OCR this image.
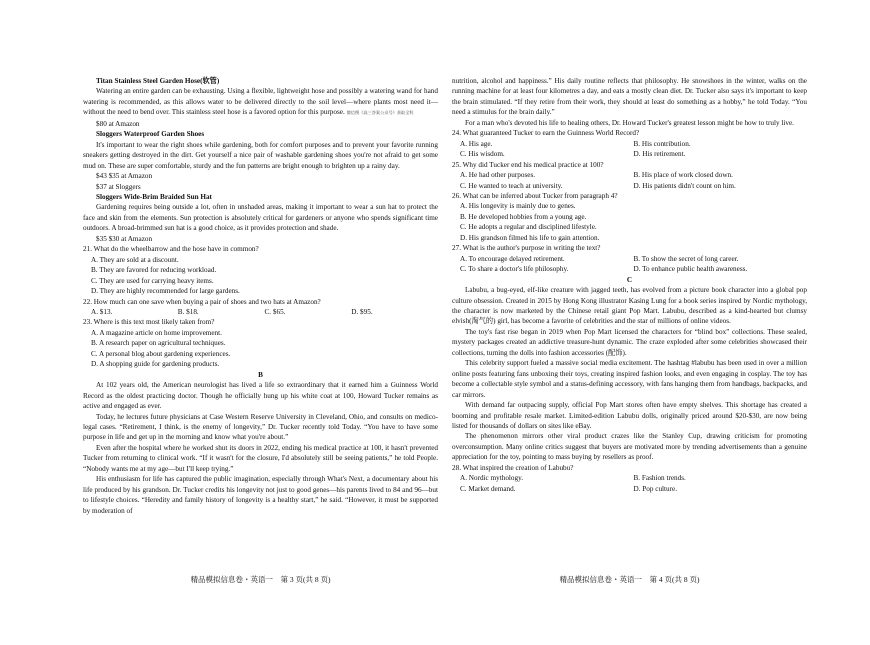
Titan Stainless Steel Garden Hose(软管)

Watering an entire garden can be exhausting. Using a flexible, lightweight hose and possibly a watering wand for hand watering is recommended, as this allows water to be delivered directly to the soil level—where plants most need it—without the need to bend over. This stainless steel hose is a favored option for this purpose. 微信搜《高三答案公众号》获取全科

$80 at Amazon

Sloggers Waterproof Garden Shoes

It's important to wear the right shoes while gardening, both for comfort purposes and to prevent your favorite running sneakers getting destroyed in the dirt. Get yourself a nice pair of washable gardening shoes you're not afraid to get some mud on. These are super comfortable, sturdy and the fun patterns are bright enough to brighten up a rainy day.

$43 $35 at Amazon

$37 at Sloggers

Sloggers Wide-Brim Braided Sun Hat

Gardening requires being outside a lot, often in unshaded areas, making it important to wear a sun hat to protect the face and skin from the elements. Sun protection is absolutely critical for gardeners or anyone who spends significant time outdoors. A broad-brimmed sun hat is a good choice, as it provides protection and shade.

$35 $30 at Amazon

21. What do the wheelbarrow and the hose have in common?

A. They are sold at a discount.

B. They are favored for reducing workload.

C. They are used for carrying heavy items.

D. They are highly recommended for large gardens.

22. How much can one save when buying a pair of shoes and two hats at Amazon?

A. $13.	B. $18.	C. $65.	D. $95.

23. Where is this text most likely taken from?

A. A magazine article on home improvement.

B. A research paper on agricultural techniques.

C. A personal blog about gardening experiences.

D. A shopping guide for gardening products.

B

At 102 years old, the American neurologist has lived a life so extraordinary that it earned him a Guinness World Record as the oldest practicing doctor. Though he officially hung up his white coat at 100, Howard Tucker remains as active and engaged as ever.

Today, he lectures future physicians at Case Western Reserve University in Cleveland, Ohio, and consults on medico-legal cases. “Retirement, I think, is the enemy of longevity,” Dr. Tucker recently told Today. “You have to have some purpose in life and get up in the morning and know what you're about.”

Even after the hospital where he worked shut its doors in 2022, ending his medical practice at 100, it hasn't prevented Tucker from returning to clinical work. “If it wasn't for the closure, I'd absolutely still be seeing patients,” he told People. “Nobody wants me at my age—but I'll keep trying.”

His enthusiasm for life has captured the public imagination, especially through What's Next, a documentary about his life produced by his grandson. Dr. Tucker credits his longevity not just to good genes—his parents lived to 84 and 96—but to lifestyle choices. “Heredity and family history of longevity is a healthy start,” he said. “However, it must be supported by moderation of

nutrition, alcohol and happiness.” His daily routine reflects that philosophy. He snowshoes in the winter, walks on the running machine for at least four kilometres a day, and eats a mostly clean diet. Dr. Tucker also says it's important to keep the brain stimulated. “If they retire from their work, they should at least do something as a hobby,” he told Today. “You need a stimulus for the brain daily.”

For a man who's devoted his life to healing others, Dr. Howard Tucker's greatest lesson might be how to truly live.

24. What guaranteed Tucker to earn the Guinness World Record?

A. His age.	B. His contribution.

C. His wisdom.	D. His retirement.

25. Why did Tucker end his medical practice at 100?

A. He had other purposes.	B. His place of work closed down.

C. He wanted to teach at university.	D. His patients didn't count on him.

26. What can be inferred about Tucker from paragraph 4?

A. His longevity is mainly due to genes.

B. He developed hobbies from a young age.

C. He adopts a regular and disciplined lifestyle.

D. His grandson filmed his life to gain attention.

27. What is the author's purpose in writing the text?

A. To encourage delayed retirement.	B. To show the secret of long career.

C. To share a doctor's life philosophy.	D. To enhance public health awareness.

C

Labubu, a bug-eyed, elf-like creature with jagged teeth, has evolved from a picture book character into a global pop culture obsession. Created in 2015 by Hong Kong illustrator Kasing Lung for a book series inspired by Nordic mythology, the character is now marketed by the Chinese retail giant Pop Mart. Labubu, described as a kind-hearted but clumsy elvish(淘气的) girl, has become a favorite of celebrities and the star of millions of online videos.

The toy's fast rise began in 2019 when Pop Mart licensed the characters for “blind box” collections. These sealed, mystery packages created an addictive treasure-hunt dynamic. The craze exploded after some celebrities showcased their collections, turning the dolls into fashion accessories (配饰).

This celebrity support fueled a massive social media excitement. The hashtag #labubu has been used in over a million online posts featuring fans unboxing their toys, creating inspired fashion looks, and even engaging in cosplay. The toy has become a collectable style symbol and a status-defining accessory, with fans hanging them from handbags, backpacks, and car mirrors.

With demand far outpacing supply, official Pop Mart stores often have empty shelves. This shortage has created a booming and profitable resale market. Limited-edition Labubu dolls, originally priced around $20-$30, are now being listed for thousands of dollars on sites like eBay.

The phenomenon mirrors other viral product crazes like the Stanley Cup, drawing criticism for promoting overconsumption. Many online critics suggest that buyers are motivated more by trending advertisements than a genuine appreciation for the toy, pointing to mass buying by resellers as proof.

28. What inspired the creation of Labubu?

A. Nordic mythology.	B. Fashion trends.

C. Market demand.	D. Pop culture.

精品模拟信息卷・英语一　第 3 页(共 8 页)	精品模拟信息卷・英语一　第 4 页(共 8 页)
